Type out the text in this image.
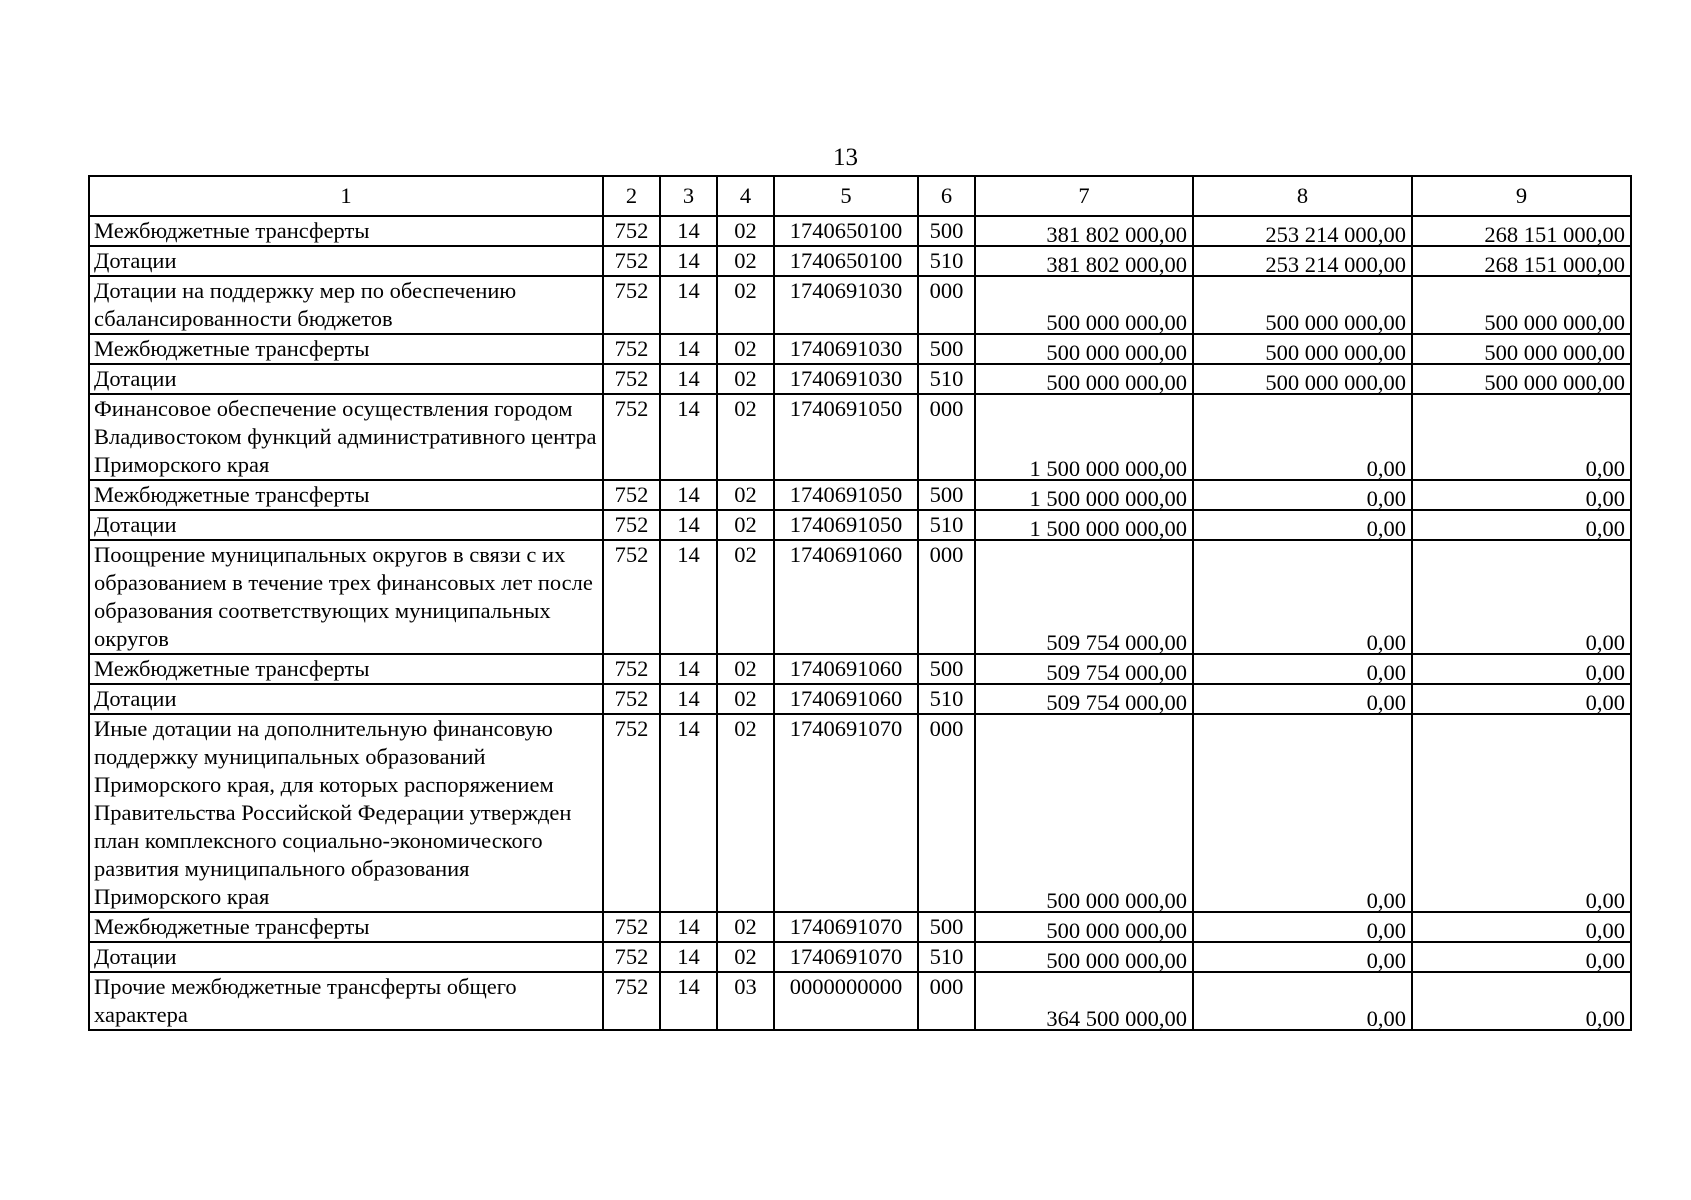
13
1	2	3	4	5	6	7	8	9
Межбюджетные трансферты	752	14	02	1740650100	500	381 802 000,00	253 214 000,00	268 151 000,00

Дотации	752	14	02	1740650100	510	381 802 000,00	253 214 000,00	268 151 000,00

Дотации на поддержку мер по обеспечению сбалансированности бюджетов	752	14	02	1740691030	000	500 000 000,00	500 000 000,00	500 000 000,00

Межбюджетные трансферты	752	14	02	1740691030	500	500 000 000,00	500 000 000,00	500 000 000,00

Дотации	752	14	02	1740691030	510	500 000 000,00	500 000 000,00	500 000 000,00

Финансовое обеспечение осуществления городом Владивостоком функций административного центра Приморского края	752	14	02	1740691050	000	1 500 000 000,00	0,00	0,00

Межбюджетные трансферты	752	14	02	1740691050	500	1 500 000 000,00	0,00	0,00

Дотации	752	14	02	1740691050	510	1 500 000 000,00	0,00	0,00

Поощрение муниципальных округов в связи с их образованием в течение трех финансовых лет после образования соответствующих муниципальных округов	752	14	02	1740691060	000	509 754 000,00	0,00	0,00

Межбюджетные трансферты	752	14	02	1740691060	500	509 754 000,00	0,00	0,00

Дотации	752	14	02	1740691060	510	509 754 000,00	0,00	0,00

Иные дотации на дополнительную финансовую поддержку муниципальных образований Приморского края, для которых распоряжением Правительства Российской Федерации утвержден план комплексного социально-экономического развития муниципального образования Приморского края	752	14	02	1740691070	000	500 000 000,00	0,00	0,00

Межбюджетные трансферты	752	14	02	1740691070	500	500 000 000,00	0,00	0,00

Дотации	752	14	02	1740691070	510	500 000 000,00	0,00	0,00

Прочие межбюджетные трансферты общего характера	752	14	03	0000000000	000	364 500 000,00	0,00	0,00
